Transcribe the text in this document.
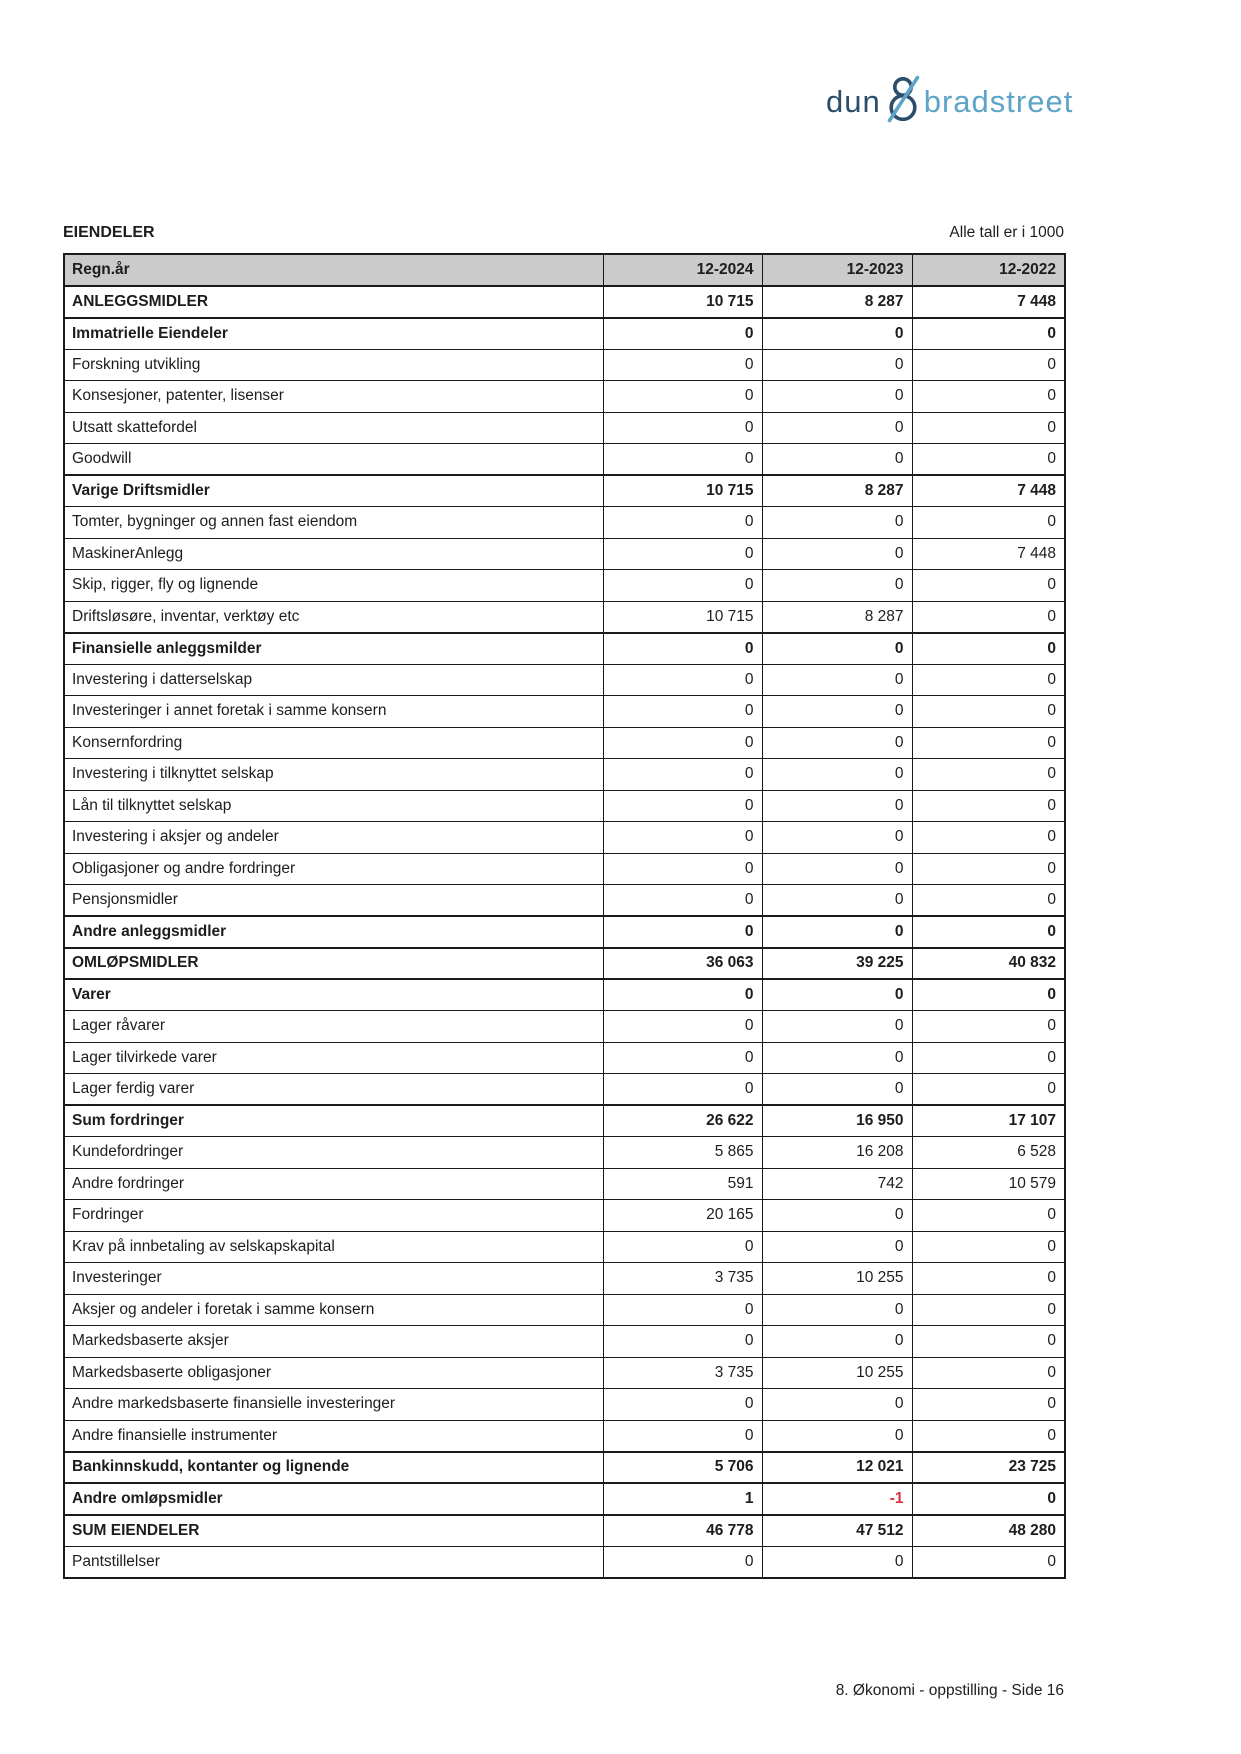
dun bradstreet
EIENDELER	Alle tall er i 1000
Regn.år	12-2024	12-2023	12-2022
ANLEGGSMIDLER	10 715	8 287	7 448
Immatrielle Eiendeler	0	0	0
Forskning utvikling	0	0	0
Konsesjoner, patenter, lisenser	0	0	0
Utsatt skattefordel	0	0	0
Goodwill	0	0	0
Varige Driftsmidler	10 715	8 287	7 448
Tomter, bygninger og annen fast eiendom	0	0	0
MaskinerAnlegg	0	0	7 448
Skip, rigger, fly og lignende	0	0	0
Driftsløsøre, inventar, verktøy etc	10 715	8 287	0
Finansielle anleggsmilder	0	0	0
Investering i datterselskap	0	0	0
Investeringer i annet foretak i samme konsern	0	0	0
Konsernfordring	0	0	0
Investering i tilknyttet selskap	0	0	0
Lån til tilknyttet selskap	0	0	0
Investering i aksjer og andeler	0	0	0
Obligasjoner og andre fordringer	0	0	0
Pensjonsmidler	0	0	0
Andre anleggsmidler	0	0	0
OMLØPSMIDLER	36 063	39 225	40 832
Varer	0	0	0
Lager råvarer	0	0	0
Lager tilvirkede varer	0	0	0
Lager ferdig varer	0	0	0
Sum fordringer	26 622	16 950	17 107
Kundefordringer	5 865	16 208	6 528
Andre fordringer	591	742	10 579
Fordringer	20 165	0	0
Krav på innbetaling av selskapskapital	0	0	0
Investeringer	3 735	10 255	0
Aksjer og andeler i foretak i samme konsern	0	0	0
Markedsbaserte aksjer	0	0	0
Markedsbaserte obligasjoner	3 735	10 255	0
Andre markedsbaserte finansielle investeringer	0	0	0
Andre finansielle instrumenter	0	0	0
Bankinnskudd, kontanter og lignende	5 706	12 021	23 725
Andre omløpsmidler	1	-1	0
SUM EIENDELER	46 778	47 512	48 280
Pantstillelser	0	0	0
8. Økonomi - oppstilling - Side 16
